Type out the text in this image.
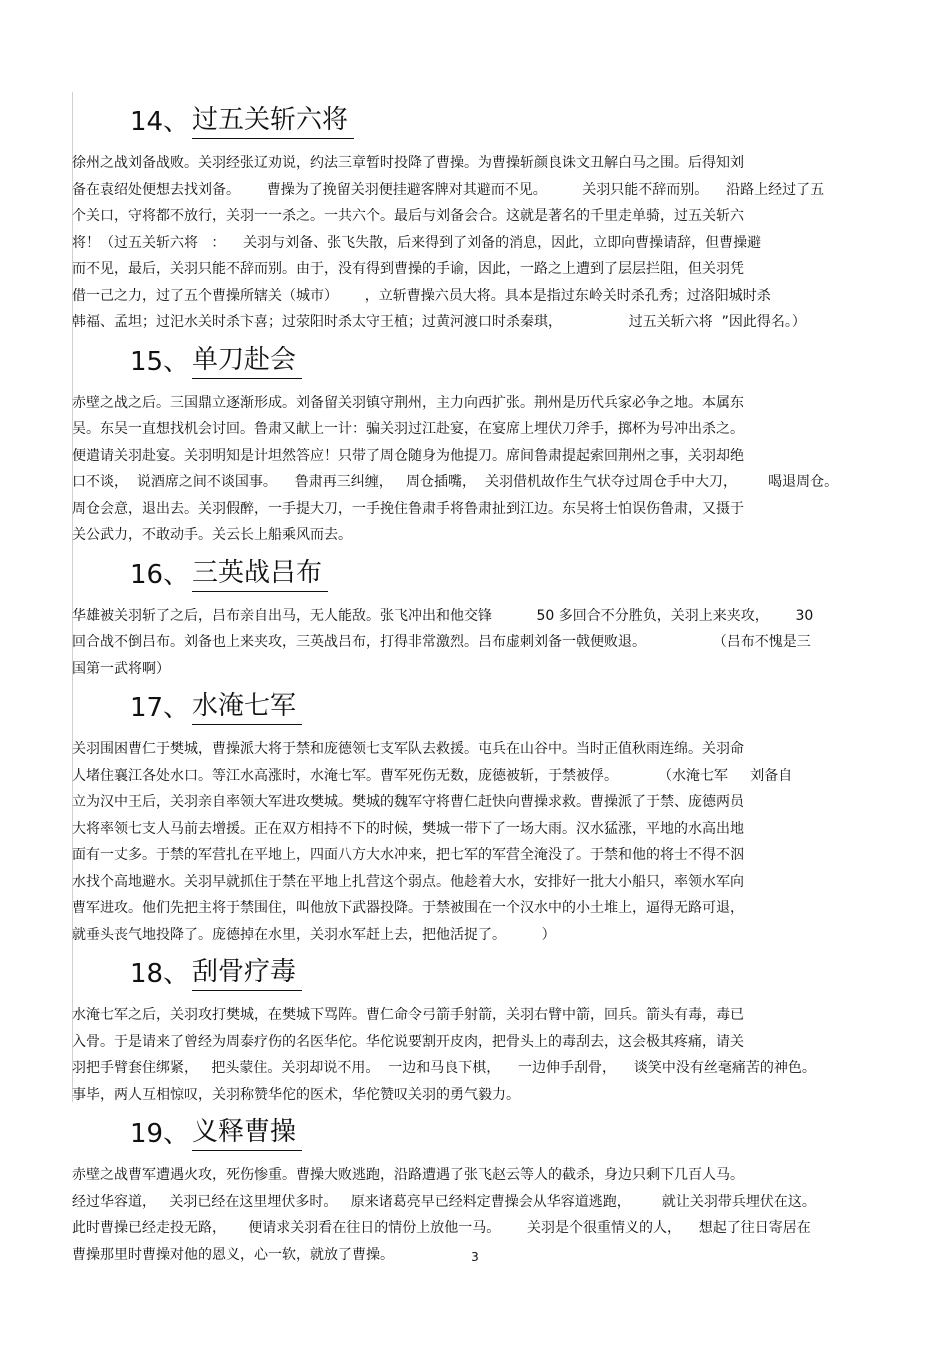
14、 过五关斩六将
徐州之战刘备战败。关羽经张辽劝说，约法三章暂时投降了曹操。为曹操斩颜良诛文丑解白马之围。后得知刘
备在袁绍处便想去找刘备。      曹操为了挽留关羽便挂避客牌对其避而不见。        关羽只能不辞而别。    沿路上经过了五
个关口，守将都不放行，关羽一一杀之。一共六个。最后与刘备会合。这就是著名的千里走单骑，过五关斩六
将！（过五关斩六将   ：    关羽与刘备、张飞失散，后来得到了刘备的消息，因此，立即向曹操请辞，但曹操避
而不见，最后，关羽只能不辞而别。由于，没有得到曹操的手谕，因此，一路之上遭到了层层拦阻，但关羽凭
借一己之力，过了五个曹操所辖关（城市）      ，立斩曹操六员大将。具本是指过东岭关时杀孔秀；过洛阳城时杀
韩福、孟坦；过汜水关时杀卞喜；过荥阳时杀太守王植；过黄河渡口时杀秦琪，               过五关斩六将  ”因此得名。）
15、 单刀赴会
赤壁之战之后。三国鼎立逐渐形成。刘备留关羽镇守荆州，主力向西扩张。荆州是历代兵家必争之地。本属东
吴。东吴一直想找机会讨回。鲁肃又献上一计：骗关羽过江赴宴，在宴席上埋伏刀斧手，掷杯为号冲出杀之。
便遣请关羽赴宴。关羽明知是计坦然答应！只带了周仓随身为他提刀。席间鲁肃提起索回荆州之事，关羽却绝
口不谈，  说酒席之间不谈国事。    鲁肃再三纠缠，   周仓插嘴，  关羽借机故作生气状夺过周仓手中大刀，       喝退周仓。
周仓会意，退出去。关羽假醉，一手提大刀，一手挽住鲁肃手将鲁肃扯到江边。东吴将士怕误伤鲁肃，又摄于
关公武力，不敢动手。关云长上船乘风而去。
16、 三英战吕布
华雄被关羽斩了之后，吕布亲自出马，无人能敌。张飞冲出和他交锋          50 多回合不分胜负，关羽上来夹攻，      30
回合战不倒吕布。刘备也上来夹攻，三英战吕布，打得非常激烈。吕布虚刺刘备一戟便败退。               （吕布不愧是三
国第一武将啊）
17、 水淹七军
关羽围困曹仁于樊城，曹操派大将于禁和庞德领七支军队去救援。屯兵在山谷中。当时正值秋雨连绵。关羽命
人堵住襄江各处水口。等江水高涨时，水淹七军。曹军死伤无数，庞德被斩，于禁被俘。         （水淹七军     刘备自
立为汉中王后，关羽亲自率领大军进攻樊城。樊城的魏军守将曹仁赶快向曹操求救。曹操派了于禁、庞德两员
大将率领七支人马前去增援。正在双方相持不下的时候，樊城一带下了一场大雨。汉水猛涨，平地的水高出地
面有一丈多。于禁的军营扎在平地上，四面八方大水冲来，把七军的军营全淹没了。于禁和他的将士不得不泅
水找个高地避水。关羽早就抓住于禁在平地上扎营这个弱点。他趁着大水，安排好一批大小船只，率领水军向
曹军进攻。他们先把主将于禁围住，叫他放下武器投降。于禁被围在一个汉水中的小土堆上，逼得无路可退，
就垂头丧气地投降了。庞德掉在水里，关羽水军赶上去，把他活捉了。        ）
18、 刮骨疗毒
水淹七军之后，关羽攻打樊城，在樊城下骂阵。曹仁命令弓箭手射箭，关羽右臂中箭，回兵。箭头有毒，毒已
入骨。于是请来了曾经为周泰疗伤的名医华佗。华佗说要割开皮肉，把骨头上的毒刮去，这会极其疼痛，请关
羽把手臂套住绑紧，   把头蒙住。关羽却说不用。  一边和马良下棋，    一边伸手刮骨，    谈笑中没有丝毫痛苦的神色。
事毕，两人互相惊叹，关羽称赞华佗的医术，华佗赞叹关羽的勇气毅力。
19、 义释曹操
赤壁之战曹军遭遇火攻，死伤惨重。曹操大败逃跑，沿路遭遇了张飞赵云等人的截杀，身边只剩下几百人马。
经过华容道，   关羽已经在这里埋伏多时。   原来诸葛亮早已经料定曹操会从华容道逃跑，       就让关羽带兵埋伏在这。
此时曹操已经走投无路，     便请求关羽看在往日的情份上放他一马。      关羽是个很重情义的人，    想起了往日寄居在
曹操那里时曹操对他的恩义，心一软，就放了曹操。	3
